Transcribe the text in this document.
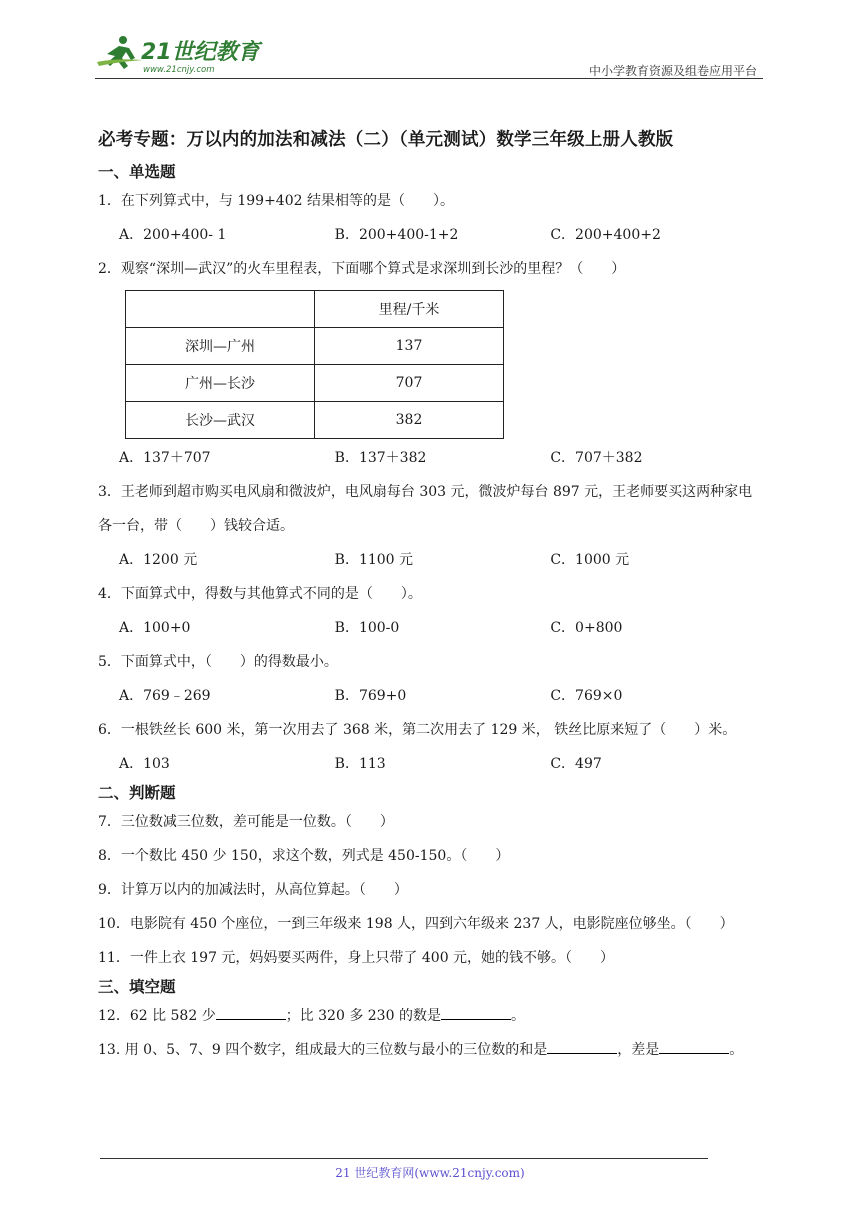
21世纪教育
www.21cnjy.com	中小学教育资源及组卷应用平台
必考专题：万以内的加法和减法（二）（单元测试）数学三年级上册人教版
一、单选题
1．在下列算式中，与 199+402 结果相等的是（　　）。
A．200+400- 1	B．200+400-1+2	C．200+400+2
2．观察“深圳—武汉”的火车里程表，下面哪个算式是求深圳到长沙的里程？（　　）
	里程/千米
深圳—广州	137
广州—长沙	707
长沙—武汉	382
A．137＋707	B．137＋382	C．707＋382
3．王老师到超市购买电风扇和微波炉，电风扇每台 303 元，微波炉每台 897 元，王老师要买这两种家电各一台，带（　　）钱较合适。
A．1200 元	B．1100 元	C．1000 元
4．下面算式中，得数与其他算式不同的是（　　）。
A．100+0	B．100-0	C．0+800
5．下面算式中，（　　）的得数最小。
A．769﹣269	B．769+0	C．769×0
6．一根铁丝长 600 米，第一次用去了 368 米，第二次用去了 129 米， 铁丝比原来短了（　　）米。
A．103	B．113	C．497
二、判断题
7．三位数减三位数，差可能是一位数。（　　）
8．一个数比 450 少 150，求这个数，列式是 450-150。（　　）
9．计算万以内的加减法时，从高位算起。（　　）
10．电影院有 450 个座位，一到三年级来 198 人，四到六年级来 237 人，电影院座位够坐。（　　）
11．一件上衣 197 元，妈妈要买两件，身上只带了 400 元，她的钱不够。（　　）
三、填空题
12．62 比 582 少	；比 320 多 230 的数是	。
13. 用 0、5、7、9 四个数字，组成最大的三位数与最小的三位数的和是	，差是	。
21 世纪教育网(www.21cnjy.com)
